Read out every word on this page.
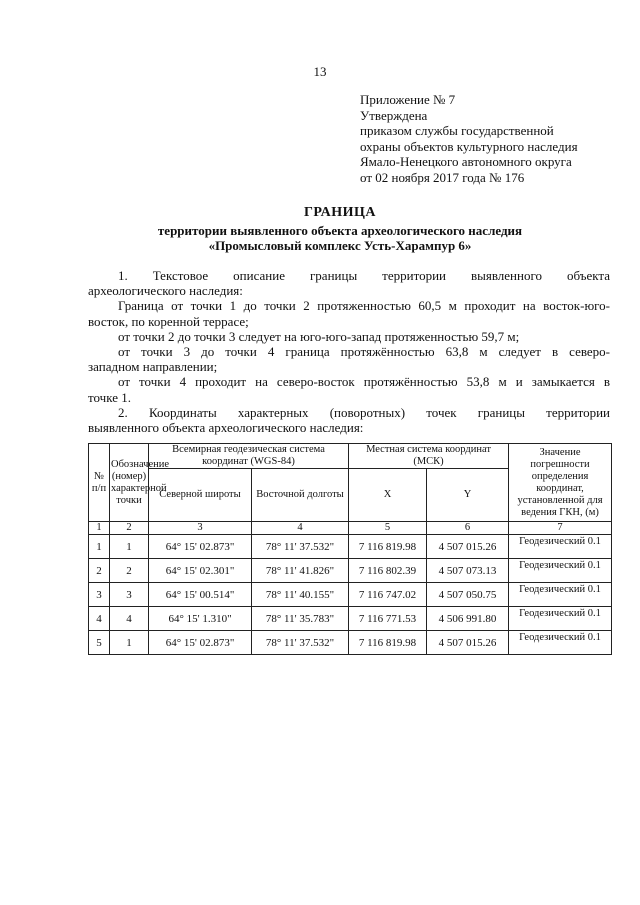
13
Приложение № 7
Утверждена
приказом службы государственной
охраны объектов культурного наследия
Ямало-Ненецкого автономного округа
от 02 ноября 2017 года № 176
ГРАНИЦА
территории выявленного объекта археологического наследия
«Промысловый комплекс Усть-Харампур 6»

1. Текстовое описание границы территории выявленного объекта

археологического наследия:

Граница от точки 1 до точки 2 протяженностью 60,5 м проходит на восток-юго-

восток, по коренной террасе;

от точки 2 до точки 3 следует на юго-юго-запад протяженностью 59,7 м;

от точки 3 до точки 4 граница протяжённостью 63,8 м следует в северо-

западном направлении;

от точки 4 проходит на северо-восток протяжённостью 53,8 м и замыкается в

точке 1.

2. Координаты характерных (поворотных) точек границы территории

выявленного объекта археологического наследия:

№ п/п	Обозначение (номер) характерной точки	Всемирная геодезическая система координат (WGS-84)		Местная система координат (МСК)		Значение погрешности определения координат, установленной для ведения ГКН, (м)
		Северной широты	Восточной долготы	X	Y	
1	2	3	4	5	6	7
1	1	64° 15' 02.873"	78° 11' 37.532"	7 116 819.98	4 507 015.26	Геодезический 0.1
2	2	64° 15' 02.301"	78° 11' 41.826"	7 116 802.39	4 507 073.13	Геодезический 0.1
3	3	64° 15' 00.514"	78° 11' 40.155"	7 116 747.02	4 507 050.75	Геодезический 0.1
4	4	64° 15' 1.310"	78° 11' 35.783"	7 116 771.53	4 506 991.80	Геодезический 0.1
5	1	64° 15' 02.873"	78° 11' 37.532"	7 116 819.98	4 507 015.26	Геодезический 0.1
